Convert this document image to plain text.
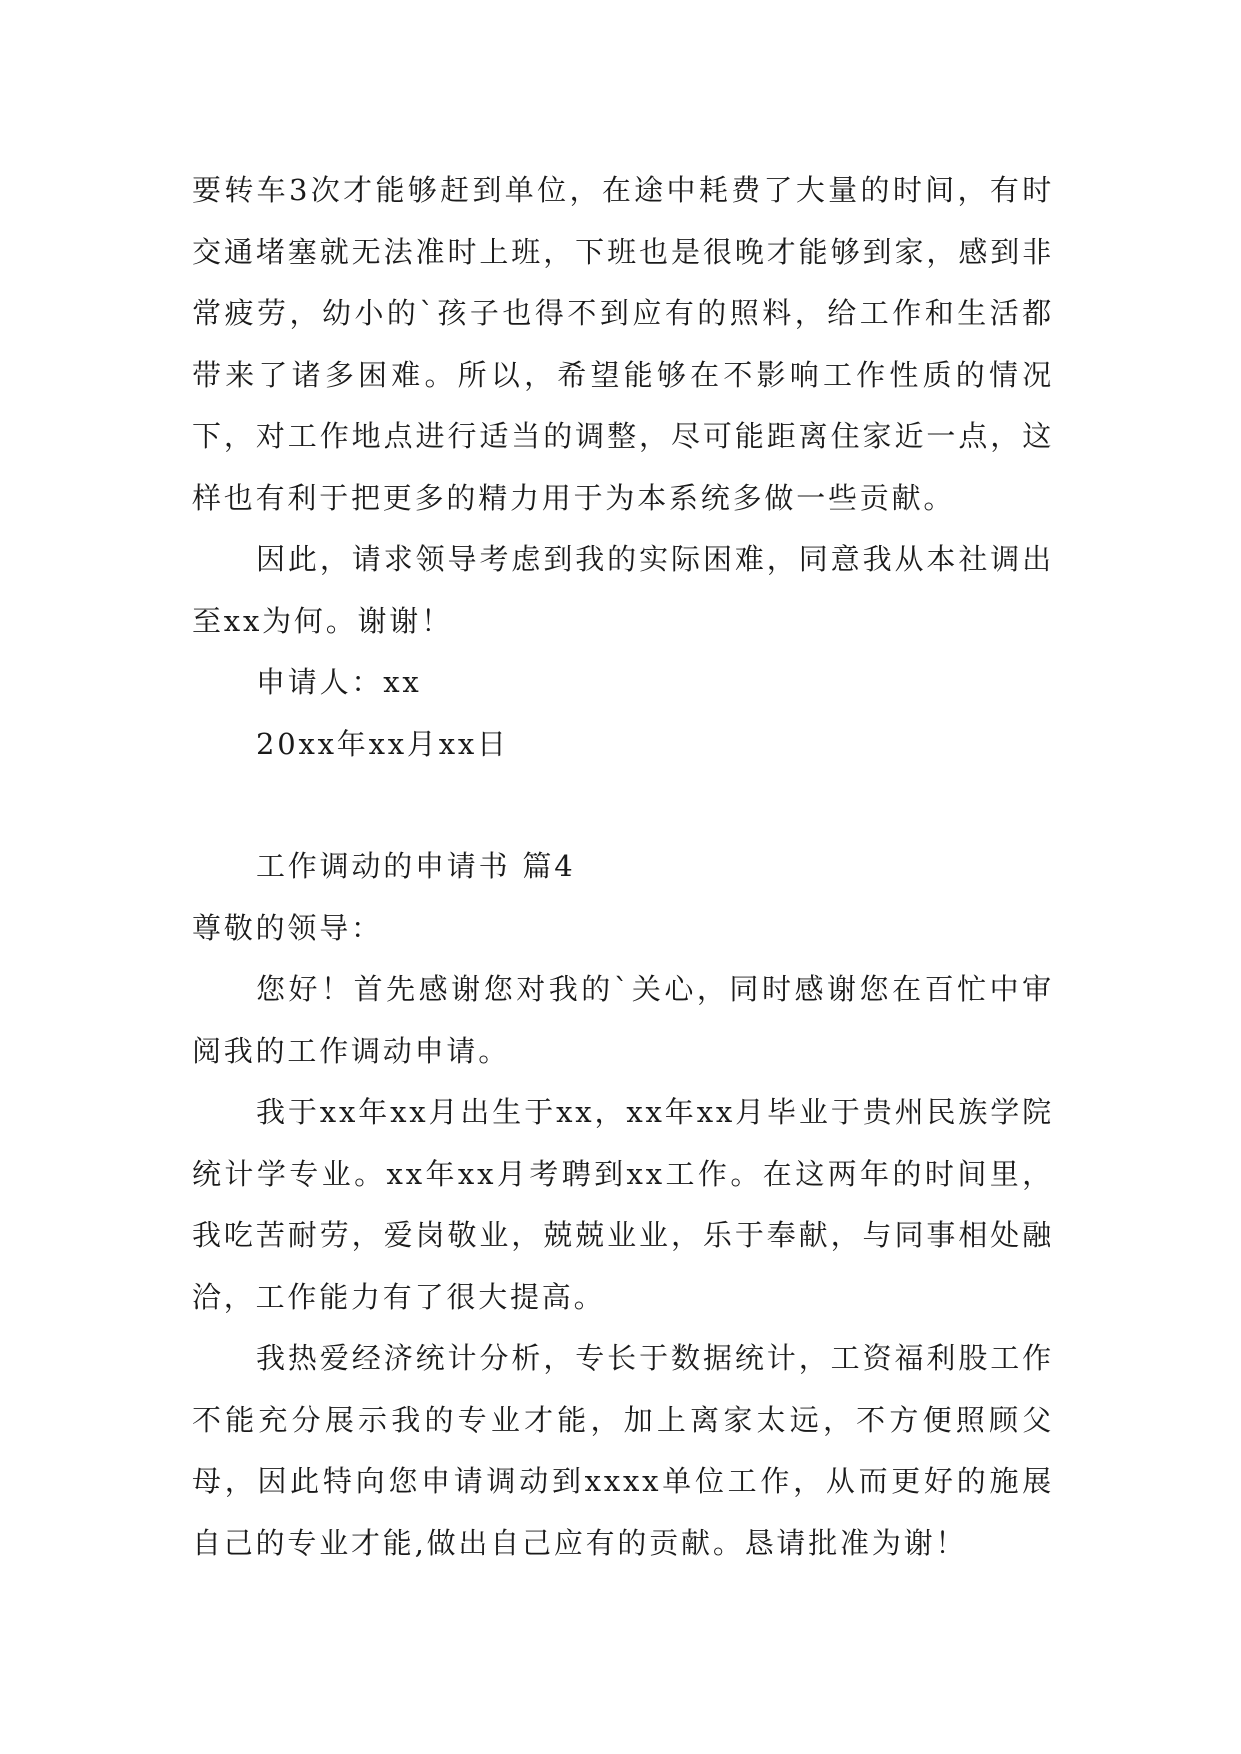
要转车3次才能够赶到单位，在途中耗费了大量的时间，有时交通堵塞就无法准时上班，下班也是很晚才能够到家，感到非常疲劳，幼小的`孩子也得不到应有的照料，给工作和生活都带来了诸多困难。所以，希望能够在不影响工作性质的情况下，对工作地点进行适当的调整，尽可能距离住家近一点，这样也有利于把更多的精力用于为本系统多做一些贡献。

因此，请求领导考虑到我的实际困难，同意我从本社调出至xx为何。谢谢！

申请人：xx

20xx年xx月xx日

工作调动的申请书 篇4

尊敬的领导：

您好！首先感谢您对我的`关心，同时感谢您在百忙中审阅我的工作调动申请。

我于xx年xx月出生于xx，xx年xx月毕业于贵州民族学院统计学专业。xx年xx月考聘到xx工作。在这两年的时间里，我吃苦耐劳，爱岗敬业，兢兢业业，乐于奉献，与同事相处融洽，工作能力有了很大提高。

我热爱经济统计分析，专长于数据统计，工资福利股工作不能充分展示我的专业才能，加上离家太远，不方便照顾父母，因此特向您申请调动到xxxx单位工作，从而更好的施展自己的专业才能,做出自己应有的贡献。恳请批准为谢！
